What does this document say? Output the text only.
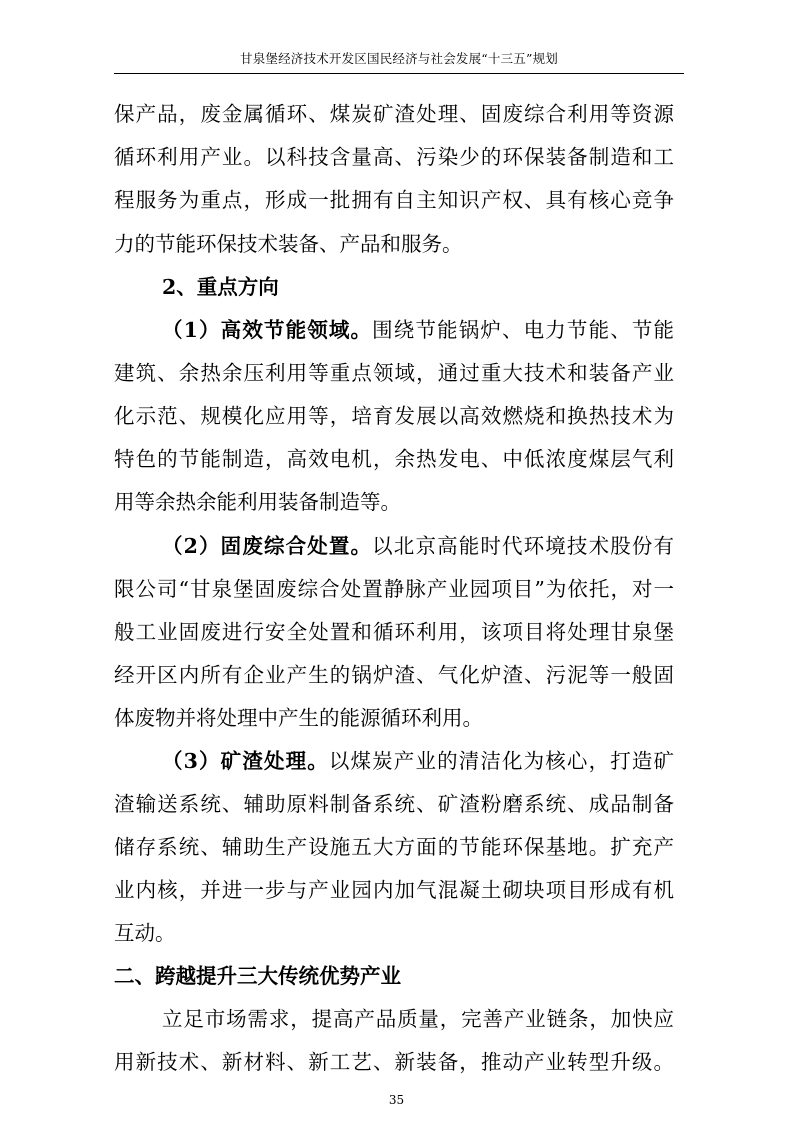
甘泉堡经济技术开发区国民经济与社会发展“十三五”规划
保产品，废金属循环、煤炭矿渣处理、固废综合利用等资源
循环利用产业。以科技含量高、污染少的环保装备制造和工
程服务为重点，形成一批拥有自主知识产权、具有核心竞争
力的节能环保技术装备、产品和服务。
2、重点方向
（1）高效节能领域。围绕节能锅炉、电力节能、节能
建筑、余热余压利用等重点领域，通过重大技术和装备产业
化示范、规模化应用等，培育发展以高效燃烧和换热技术为
特色的节能制造，高效电机，余热发电、中低浓度煤层气利
用等余热余能利用装备制造等。
（2）固废综合处置。以北京高能时代环境技术股份有
限公司“甘泉堡固废综合处置静脉产业园项目”为依托，对一
般工业固废进行安全处置和循环利用，该项目将处理甘泉堡
经开区内所有企业产生的锅炉渣、气化炉渣、污泥等一般固
体废物并将处理中产生的能源循环利用。
（3）矿渣处理。以煤炭产业的清洁化为核心，打造矿
渣输送系统、辅助原料制备系统、矿渣粉磨系统、成品制备
储存系统、辅助生产设施五大方面的节能环保基地。扩充产
业内核，并进一步与产业园内加气混凝土砌块项目形成有机
互动。
二、跨越提升三大传统优势产业
立足市场需求，提高产品质量，完善产业链条，加快应
用新技术、新材料、新工艺、新装备，推动产业转型升级。
35
